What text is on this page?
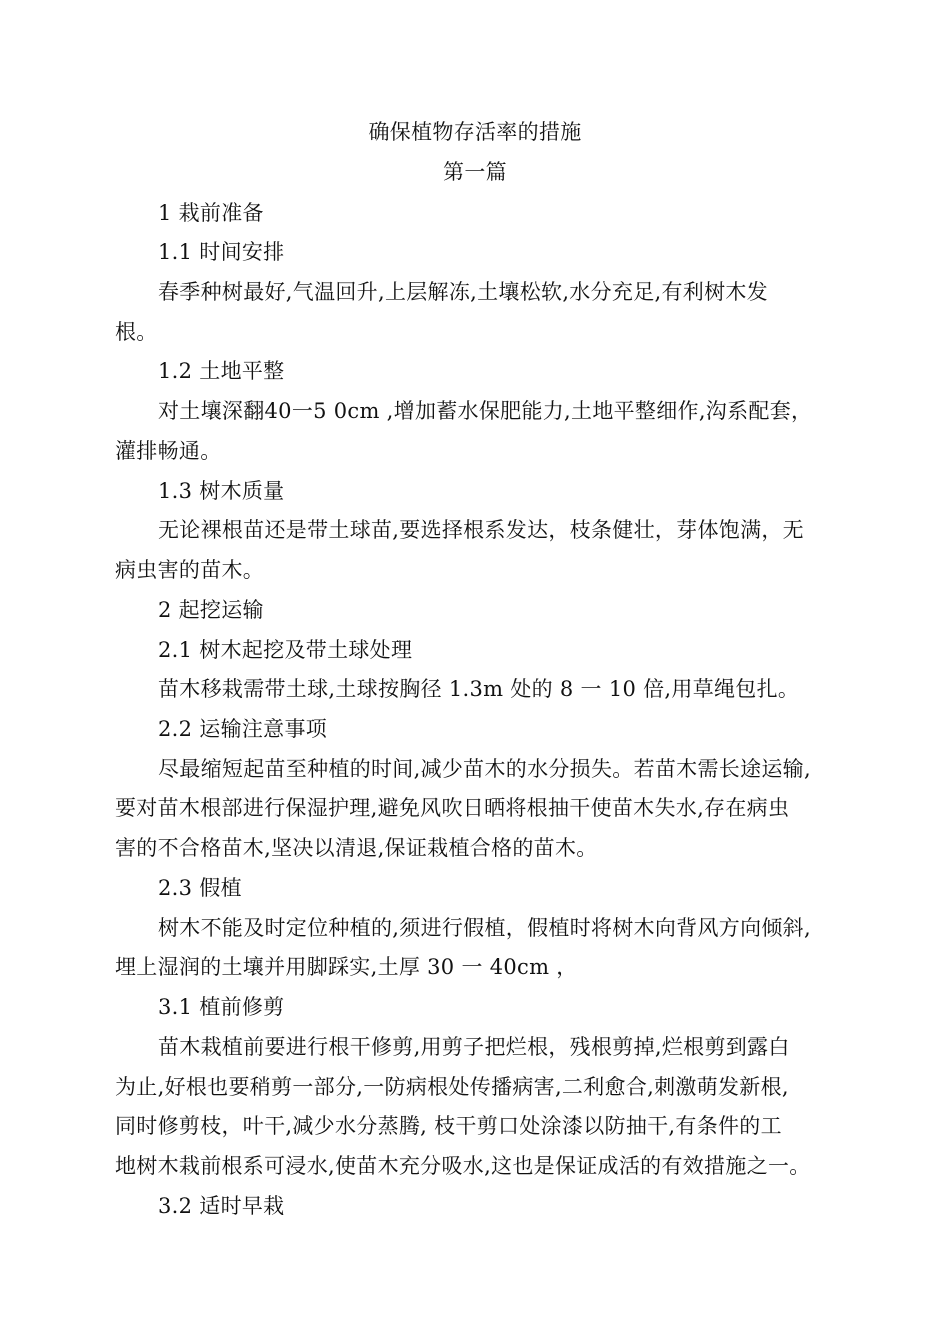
确保植物存活率的措施
第一篇
1 栽前准备
1.1 时间安排
春季种树最好,气温回升,上层解冻,土壤松软,水分充足,有利树木发
根。
1.2 土地平整
对土壤深翻40一5 0cm ,增加蓄水保肥能力,土地平整细作,沟系配套，
灌排畅通。
1.3 树木质量
无论裸根苗还是带土球苗,要选择根系发达，枝条健壮，芽体饱满，无
病虫害的苗木。
2 起挖运输
2.1 树木起挖及带土球处理
苗木移栽需带土球,土球按胸径 1.3m 处的 8 一 10 倍,用草绳包扎。
2.2 运输注意事项
尽最缩短起苗至种植的时间,减少苗木的水分损失。若苗木需长途运输,
要对苗木根部进行保湿护理,避免风吹日晒将根抽干使苗木失水,存在病虫
害的不合格苗木,坚决以清退,保证栽植合格的苗木。
2.3 假植
树木不能及时定位种植的,须进行假植，假植时将树木向背风方向倾斜,
埋上湿润的土壤并用脚踩实,土厚 30 一 40cm ，
3.1 植前修剪
苗木栽植前要进行根干修剪,用剪子把烂根，残根剪掉,烂根剪到露白
为止,好根也要稍剪一部分,一防病根处传播病害,二利愈合,刺激萌发新根,
同时修剪枝，叶干,减少水分蒸腾, 枝干剪口处涂漆以防抽干,有条件的工
地树木栽前根系可浸水,使苗木充分吸水,这也是保证成活的有效措施之一。
3.2 适时早栽
